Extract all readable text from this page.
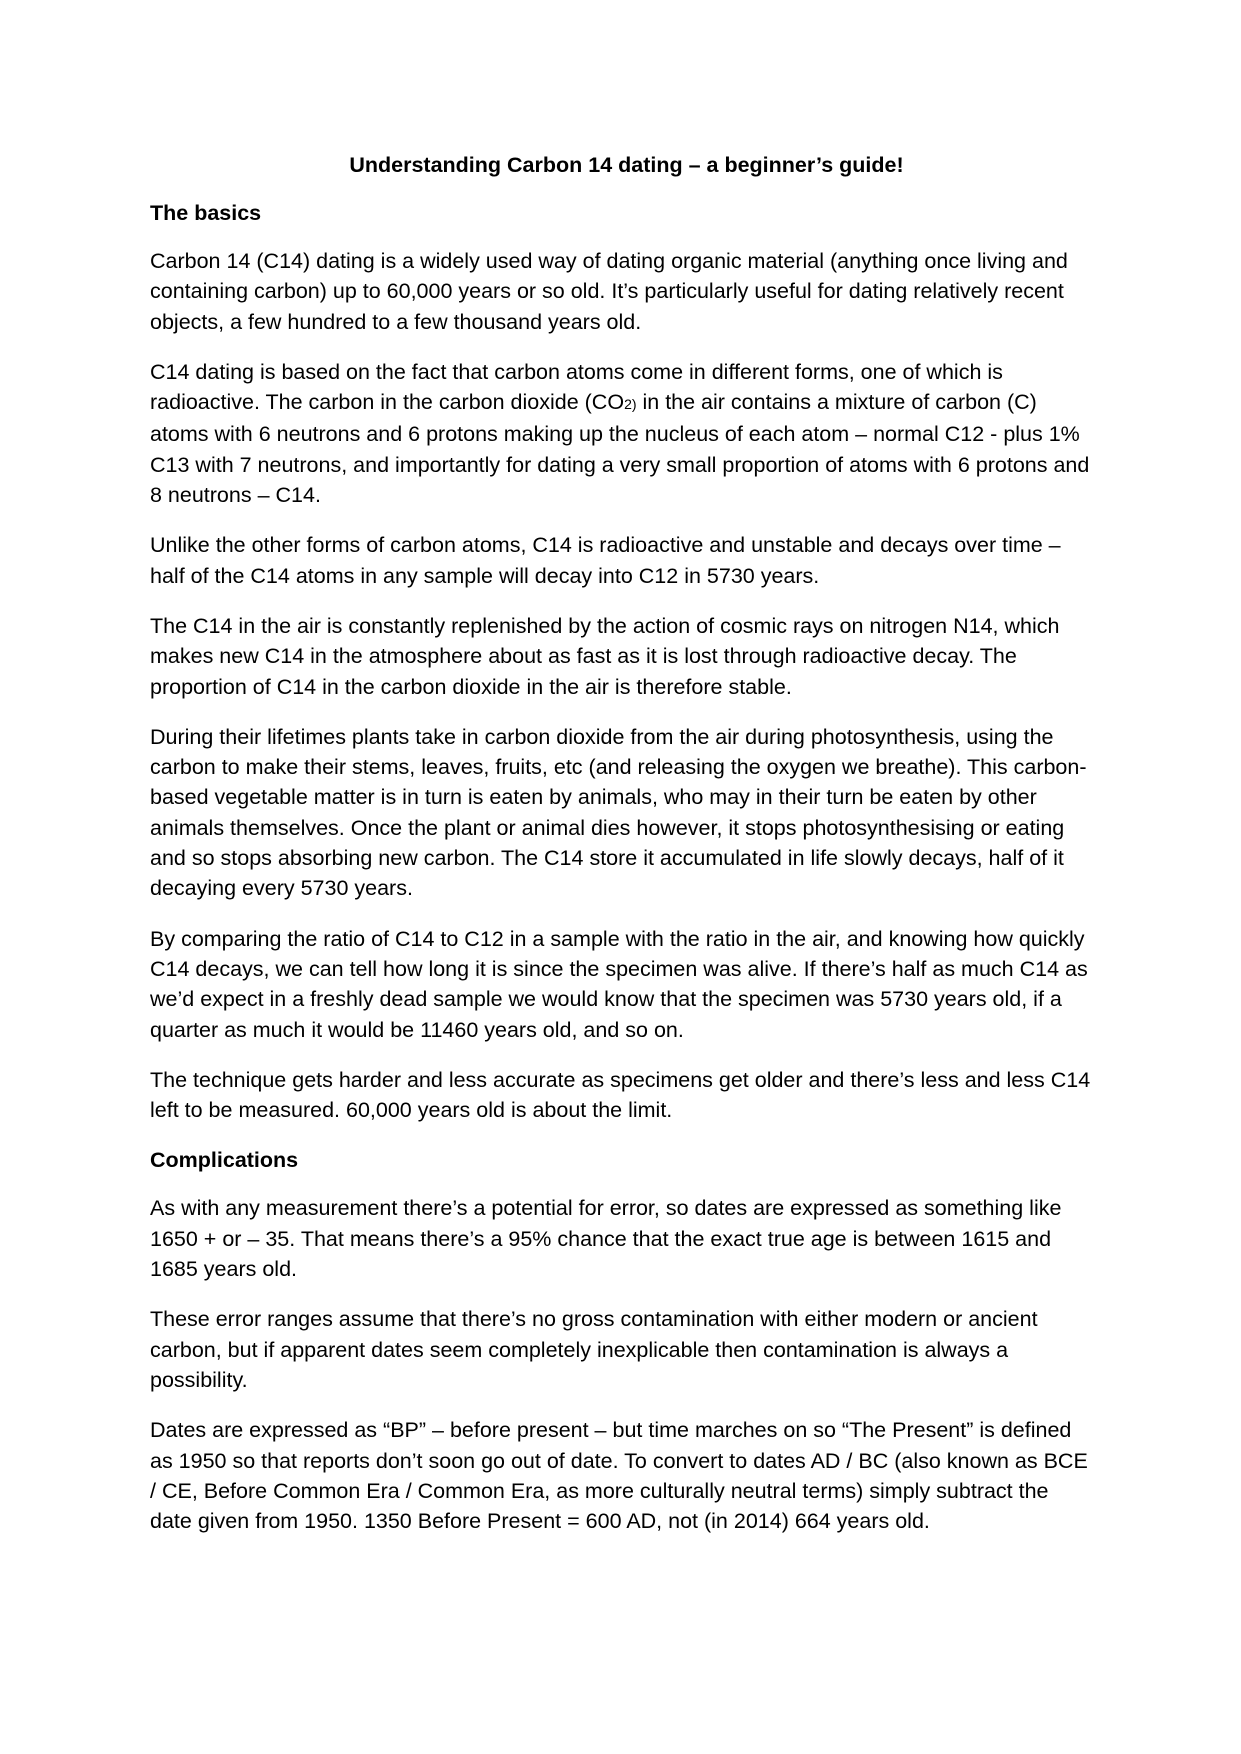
Understanding Carbon 14 dating – a beginner’s guide!
The basics

Carbon 14 (C14) dating is a widely used way of dating organic material (anything once living and containing carbon) up to 60,000 years or so old. It’s particularly useful for dating relatively recent objects, a few hundred to a few thousand years old.

C14 dating is based on the fact that carbon atoms come in different forms, one of which is radioactive. The carbon in the carbon dioxide (CO2) in the air contains a mixture of carbon (C) atoms with 6 neutrons and 6 protons making up the nucleus of each atom – normal C12 - plus 1% C13 with 7 neutrons, and importantly for dating a very small proportion of atoms with 6 protons and 8 neutrons – C14.

Unlike the other forms of carbon atoms, C14 is radioactive and unstable and decays over time – half of the C14 atoms in any sample will decay into C12 in 5730 years.

The C14 in the air is constantly replenished by the action of cosmic rays on nitrogen N14, which makes new C14 in the atmosphere about as fast as it is lost through radioactive decay. The proportion of C14 in the carbon dioxide in the air is therefore stable.

During their lifetimes plants take in carbon dioxide from the air during photosynthesis, using the carbon to make their stems, leaves, fruits, etc (and releasing the oxygen we breathe). This carbon-based vegetable matter is in turn is eaten by animals, who may in their turn be eaten by other animals themselves. Once the plant or animal dies however, it stops photosynthesising or eating and so stops absorbing new carbon. The C14 store it accumulated in life slowly decays, half of it decaying every 5730 years.

By comparing the ratio of C14 to C12 in a sample with the ratio in the air, and knowing how quickly C14 decays, we can tell how long it is since the specimen was alive. If there’s half as much C14 as we’d expect in a freshly dead sample we would know that the specimen was 5730 years old, if a quarter as much it would be 11460 years old, and so on.

The technique gets harder and less accurate as specimens get older and there’s less and less C14 left to be measured. 60,000 years old is about the limit.

Complications

As with any measurement there’s a potential for error, so dates are expressed as something like 1650 + or – 35. That means there’s a 95% chance that the exact true age is between 1615 and 1685 years old.

These error ranges assume that there’s no gross contamination with either modern or ancient carbon, but if apparent dates seem completely inexplicable then contamination is always a possibility.

Dates are expressed as “BP” – before present – but time marches on so “The Present” is defined as 1950 so that reports don’t soon go out of date. To convert to dates AD / BC (also known as BCE / CE, Before Common Era / Common Era, as more culturally neutral terms) simply subtract the date given from 1950. 1350 Before Present = 600 AD, not (in 2014) 664 years old.
